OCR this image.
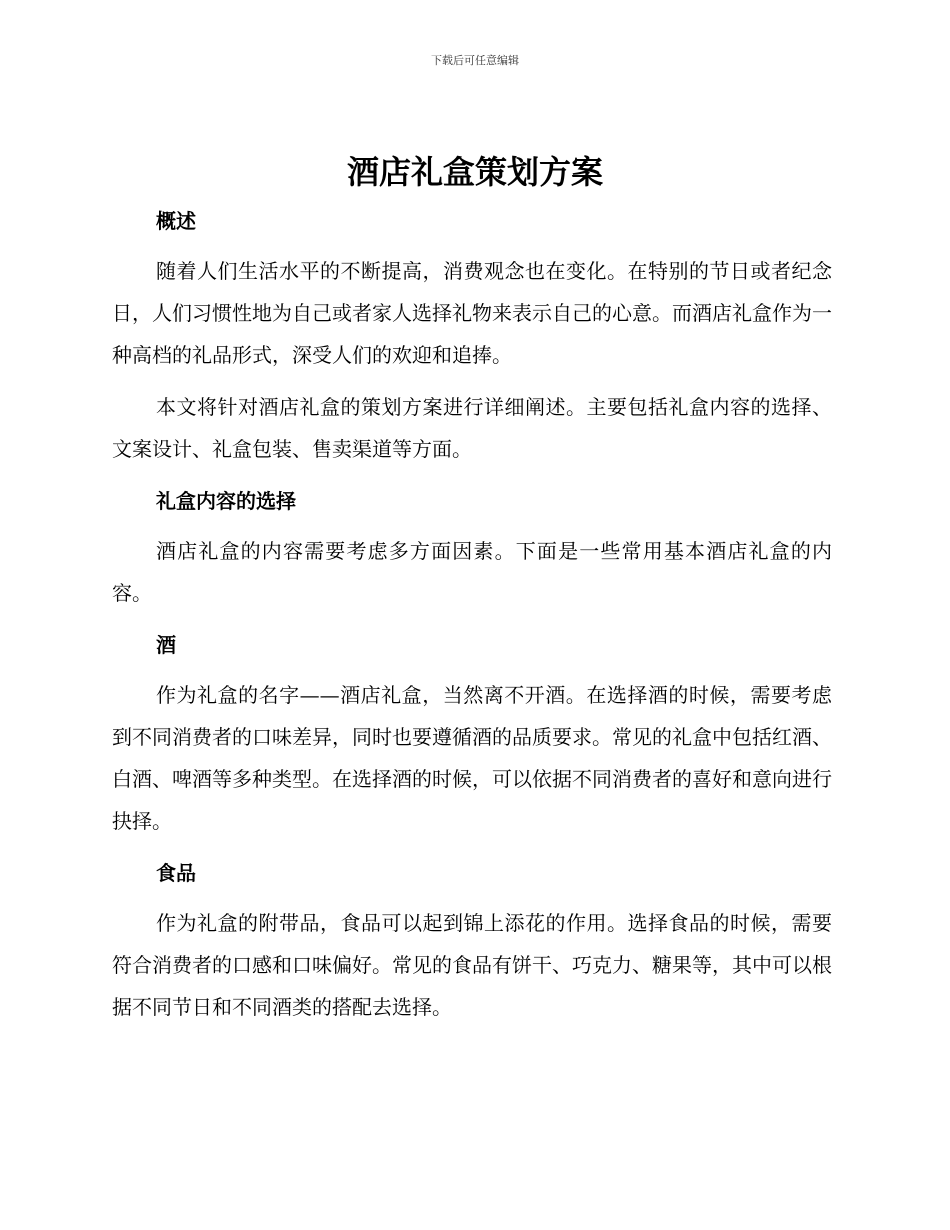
下载后可任意编辑
酒店礼盒策划方案
概述

随着人们生活水平的不断提高，消费观念也在变化。在特别的节日或者纪念日，人们习惯性地为自己或者家人选择礼物来表示自己的心意。而酒店礼盒作为一种高档的礼品形式，深受人们的欢迎和追捧。

本文将针对酒店礼盒的策划方案进行详细阐述。主要包括礼盒内容的选择、文案设计、礼盒包装、售卖渠道等方面。

礼盒内容的选择

酒店礼盒的内容需要考虑多方面因素。下面是一些常用基本酒店礼盒的内容。

酒

作为礼盒的名字——酒店礼盒，当然离不开酒。在选择酒的时候，需要考虑到不同消费者的口味差异，同时也要遵循酒的品质要求。常见的礼盒中包括红酒、白酒、啤酒等多种类型。在选择酒的时候，可以依据不同消费者的喜好和意向进行抉择。

食品

作为礼盒的附带品，食品可以起到锦上添花的作用。选择食品的时候，需要符合消费者的口感和口味偏好。常见的食品有饼干、巧克力、糖果等，其中可以根据不同节日和不同酒类的搭配去选择。
